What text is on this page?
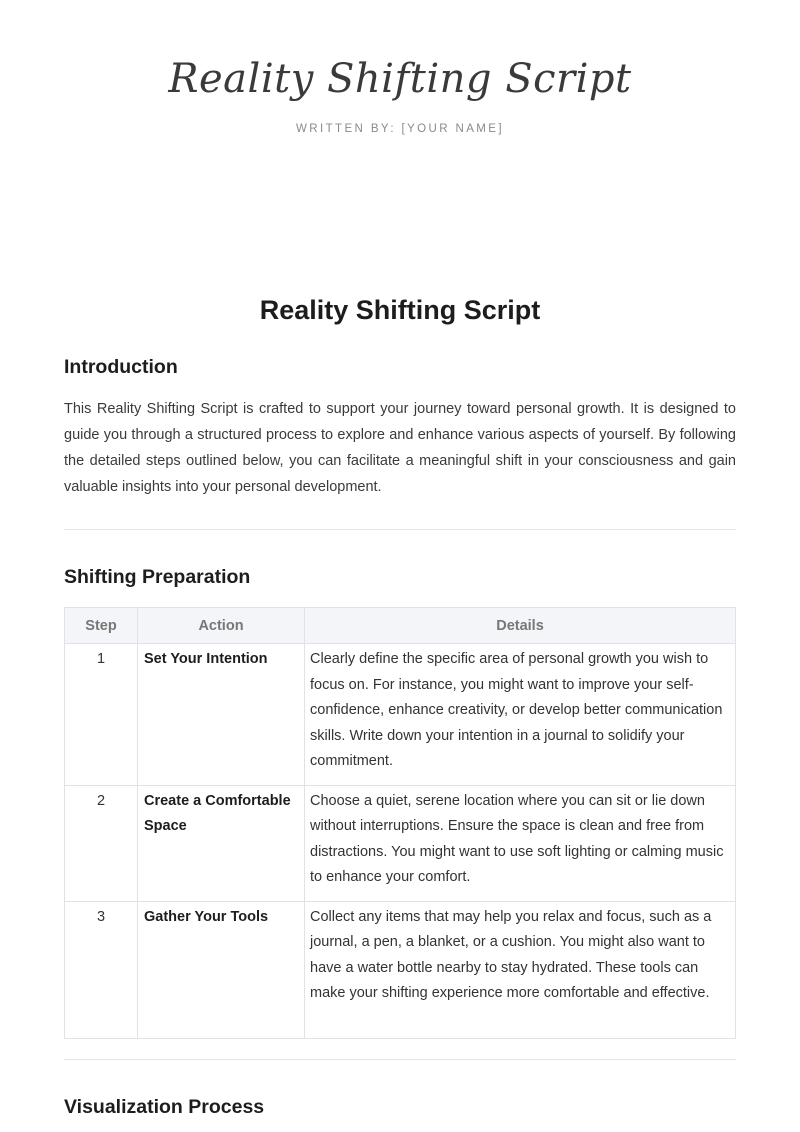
Reality Shifting Script
WRITTEN BY: [YOUR NAME]
Reality Shifting Script
Introduction
This Reality Shifting Script is crafted to support your journey toward personal growth. It is designed to guide you through a structured process to explore and enhance various aspects of yourself. By following the detailed steps outlined below, you can facilitate a meaningful shift in your consciousness and gain valuable insights into your personal development.
Shifting Preparation
Step	Action	Details

1	Set Your Intention	Clearly define the specific area of personal growth you wish to focus on. For instance, you might want to improve your self-confidence, enhance creativity, or develop better communication skills. Write down your intention in a journal to solidify your commitment.

2	Create a Comfortable Space	Choose a quiet, serene location where you can sit or lie down without interruptions. Ensure the space is clean and free from distractions. You might want to use soft lighting or calming music to enhance your comfort.

3	Gather Your Tools	Collect any items that may help you relax and focus, such as a journal, a pen, a blanket, or a cushion. You might also want to have a water bottle nearby to stay hydrated. These tools can make your shifting experience more comfortable and effective.
Visualization Process
